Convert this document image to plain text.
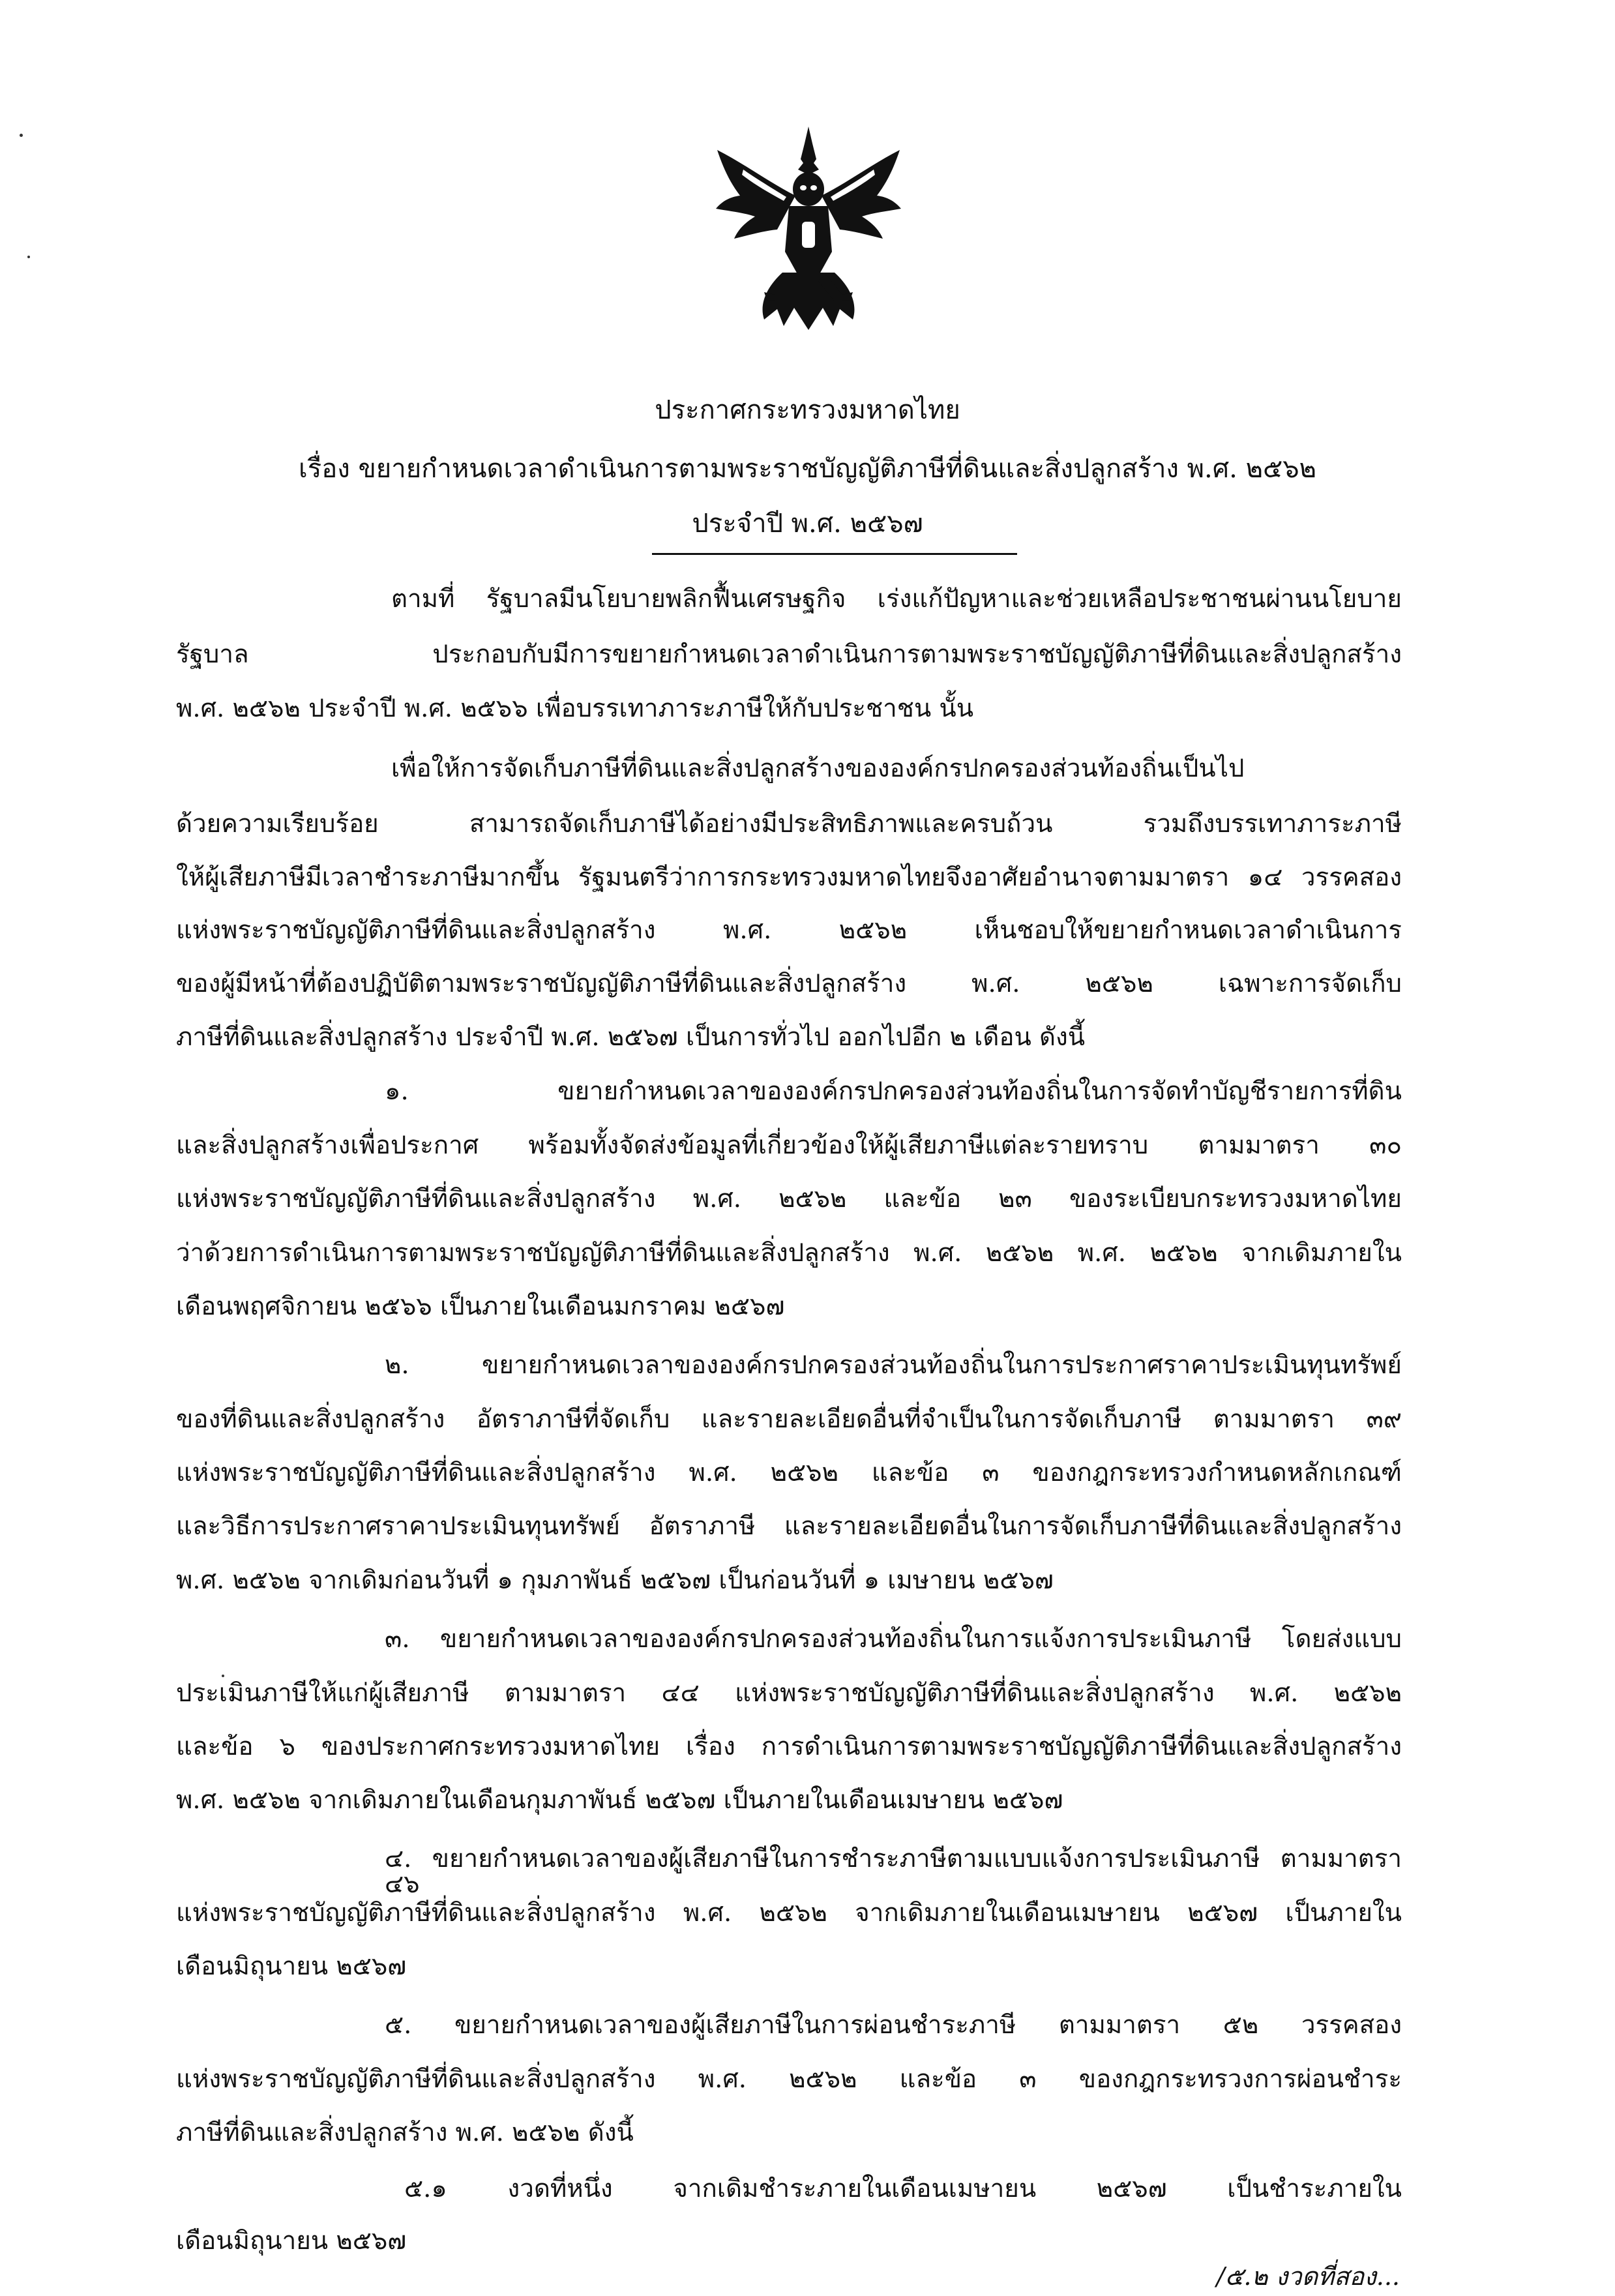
ประกาศกระทรวงมหาดไทย
เรื่อง ขยายกำหนดเวลาดำเนินการตามพระราชบัญญัติภาษีที่ดินและสิ่งปลูกสร้าง พ.ศ. ๒๕๖๒
ประจำปี พ.ศ. ๒๕๖๗
ตามที่ รัฐบาลมีนโยบายพลิกฟื้นเศรษฐกิจ เร่งแก้ปัญหาและช่วยเหลือประชาชนผ่านนโยบาย
รัฐบาล ประกอบกับมีการขยายกำหนดเวลาดำเนินการตามพระราชบัญญัติภาษีที่ดินและสิ่งปลูกสร้าง
พ.ศ. ๒๕๖๒ ประจำปี พ.ศ. ๒๕๖๖ เพื่อบรรเทาภาระภาษีให้กับประชาชน นั้น
เพื่อให้การจัดเก็บภาษีที่ดินและสิ่งปลูกสร้างขององค์กรปกครองส่วนท้องถิ่นเป็นไป
ด้วยความเรียบร้อย สามารถจัดเก็บภาษีได้อย่างมีประสิทธิภาพและครบถ้วน รวมถึงบรรเทาภาระภาษี
ให้ผู้เสียภาษีมีเวลาชำระภาษีมากขึ้น รัฐมนตรีว่าการกระทรวงมหาดไทยจึงอาศัยอำนาจตามมาตรา ๑๔ วรรคสอง
แห่งพระราชบัญญัติภาษีที่ดินและสิ่งปลูกสร้าง พ.ศ. ๒๕๖๒ เห็นชอบให้ขยายกำหนดเวลาดำเนินการ
ของผู้มีหน้าที่ต้องปฏิบัติตามพระราชบัญญัติภาษีที่ดินและสิ่งปลูกสร้าง พ.ศ. ๒๕๖๒ เฉพาะการจัดเก็บ
ภาษีที่ดินและสิ่งปลูกสร้าง ประจำปี พ.ศ. ๒๕๖๗ เป็นการทั่วไป ออกไปอีก ๒ เดือน ดังนี้
๑. ขยายกำหนดเวลาขององค์กรปกครองส่วนท้องถิ่นในการจัดทำบัญชีรายการที่ดิน
และสิ่งปลูกสร้างเพื่อประกาศ พร้อมทั้งจัดส่งข้อมูลที่เกี่ยวข้องให้ผู้เสียภาษีแต่ละรายทราบ ตามมาตรา ๓๐
แห่งพระราชบัญญัติภาษีที่ดินและสิ่งปลูกสร้าง พ.ศ. ๒๕๖๒ และข้อ ๒๓ ของระเบียบกระทรวงมหาดไทย
ว่าด้วยการดำเนินการตามพระราชบัญญัติภาษีที่ดินและสิ่งปลูกสร้าง พ.ศ. ๒๕๖๒ พ.ศ. ๒๕๖๒ จากเดิมภายใน
เดือนพฤศจิกายน ๒๕๖๖ เป็นภายในเดือนมกราคม ๒๕๖๗
๒. ขยายกำหนดเวลาขององค์กรปกครองส่วนท้องถิ่นในการประกาศราคาประเมินทุนทรัพย์
ของที่ดินและสิ่งปลูกสร้าง อัตราภาษีที่จัดเก็บ และรายละเอียดอื่นที่จำเป็นในการจัดเก็บภาษี ตามมาตรา ๓๙
แห่งพระราชบัญญัติภาษีที่ดินและสิ่งปลูกสร้าง พ.ศ. ๒๕๖๒ และข้อ ๓ ของกฎกระทรวงกำหนดหลักเกณฑ์
และวิธีการประกาศราคาประเมินทุนทรัพย์ อัตราภาษี และรายละเอียดอื่นในการจัดเก็บภาษีที่ดินและสิ่งปลูกสร้าง
พ.ศ. ๒๕๖๒ จากเดิมก่อนวันที่ ๑ กุมภาพันธ์ ๒๕๖๗ เป็นก่อนวันที่ ๑ เมษายน ๒๕๖๗
๓. ขยายกำหนดเวลาขององค์กรปกครองส่วนท้องถิ่นในการแจ้งการประเมินภาษี โดยส่งแบบ
ประเมินภาษีให้แก่ผู้เสียภาษี ตามมาตรา ๔๔ แห่งพระราชบัญญัติภาษีที่ดินและสิ่งปลูกสร้าง พ.ศ. ๒๕๖๒
และข้อ ๖ ของประกาศกระทรวงมหาดไทย เรื่อง การดำเนินการตามพระราชบัญญัติภาษีที่ดินและสิ่งปลูกสร้าง
พ.ศ. ๒๕๖๒ จากเดิมภายในเดือนกุมภาพันธ์ ๒๕๖๗ เป็นภายในเดือนเมษายน ๒๕๖๗
๔. ขยายกำหนดเวลาของผู้เสียภาษีในการชำระภาษีตามแบบแจ้งการประเมินภาษี ตามมาตรา ๔๖
แห่งพระราชบัญญัติภาษีที่ดินและสิ่งปลูกสร้าง พ.ศ. ๒๕๖๒ จากเดิมภายในเดือนเมษายน ๒๕๖๗ เป็นภายใน
เดือนมิถุนายน ๒๕๖๗
๕. ขยายกำหนดเวลาของผู้เสียภาษีในการผ่อนชำระภาษี ตามมาตรา ๕๒ วรรคสอง
แห่งพระราชบัญญัติภาษีที่ดินและสิ่งปลูกสร้าง พ.ศ. ๒๕๖๒ และข้อ ๓ ของกฎกระทรวงการผ่อนชำระ
ภาษีที่ดินและสิ่งปลูกสร้าง พ.ศ. ๒๕๖๒ ดังนี้
๕.๑ งวดที่หนึ่ง จากเดิมชำระภายในเดือนเมษายน ๒๕๖๗ เป็นชำระภายใน
เดือนมิถุนายน ๒๕๖๗
/๕.๒ งวดที่สอง...
